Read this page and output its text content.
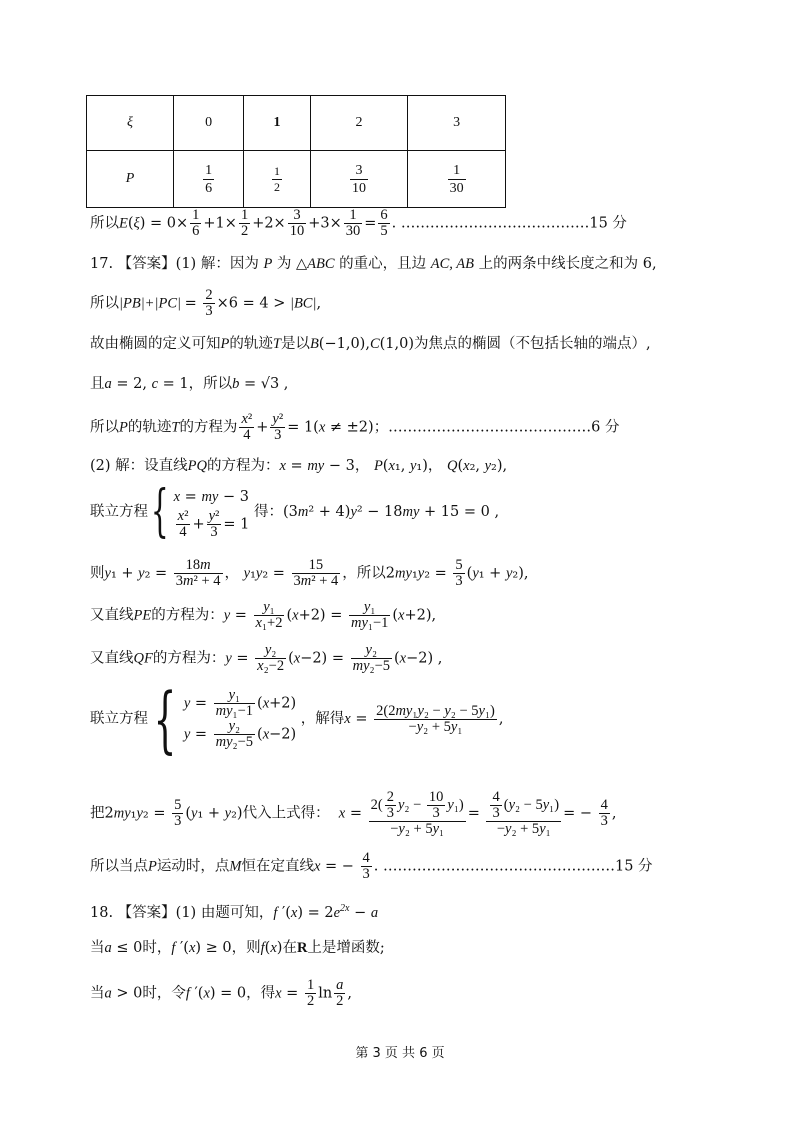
ξ	0	1	2	3
P	$\frac{1}{6}$	$\frac{1}{2}$	$\frac{3}{10}$	$\frac{1}{30}$
所以$E(\xi) = 0\times \frac{1}{6} +1\times \frac{1}{2} +2\times \frac{3}{10} +3\times \frac{1}{30} = \frac{6}{5}$ . …………………………………15 分
17. 【答案】(1) 解：因为 P 为 △ABC 的重心，且边 AC, AB 上的两条中线长度之和为 6,
所以$|PB|+|PC| = \frac{2}{3} \times 6 = 4 > |BC|$,
故由椭圆的定义可知P的轨迹T是以B(−1,0),C(1,0)为焦点的椭圆（不包括长轴的端点）,
且a = 2, c = 1，所以b = √3 ,
所以P的轨迹T的方程为 $\frac{\text{x²}}{4} + \frac{\text{y²}}{3} = 1(x \ne \pm 2)$；……………………………………6 分
(2) 解：设直线PQ的方程为：x = my − 3， P(x₁, y₁)， Q(x₂, y₂),
联立方程{ x = my − 3
$\frac{\text{x²}}{4} + \frac{\text{y²}}{3} = 1$
得：(3m² + 4)y² − 18my + 15 = 0 ,
则$y_1 + y_2 = \frac{18m}{\text{3m² + 4}}$ ， $y_1y_2 = \frac{15}{\text{3m² + 4}}$ ，所以$2my_1y_2 = \frac{5}{3} (y_1 + y_2)$,
又直线PE的方程为：$y = \frac{\text{y₁}}{\text{x₁+2}} (x+2) = \frac{\text{y₁}}{\text{my₁−1}} (x+2)$,
又直线QF的方程为：$y = \frac{\text{y₂}}{\text{x₂−2}} (x-2) = \frac{\text{y₂}}{\text{my₂−5}} (x-2)$ ,
联立方程{ $y = \frac{\text{y₁}}{\text{my₁−1}} (x+2)$
$y = \frac{\text{y₂}}{\text{my₂−5}} (x-2)$
，解得$x = \frac{\text{2(2my₁y₂ − y₂ − 5y₁)}}{\text{−y₂ + 5y₁}}$ ,
把$2my_1y_2 = \frac{5}{3} (y_1 + y_2)$代入上式得： $x = \frac{2( \frac{2}{3} y_2 - \frac{10}{3} y_1)}{\text{−y₂ + 5y₁}} = \frac{\frac{4}{3} (y_2 - 5y_1)}{\text{−y₂ + 5y₁}}$ = − $\frac{4}{3}$ ,
所以当点P运动时，点M恒在定直线x = − $\frac{4}{3}$ . …………………………………………15 分
18. 【答案】(1) 由题可知，f $'(x) = 2e^{2x} - a$
当a ≤ 0时，f ′(x) ≥ 0，则f(x)在R上是增函数;
当a > 0时，令f ′(x) = 0，得$x = \frac{1}{2}$ $\ln \frac{a}{2}$ ,
第 3 页 共 6 页
